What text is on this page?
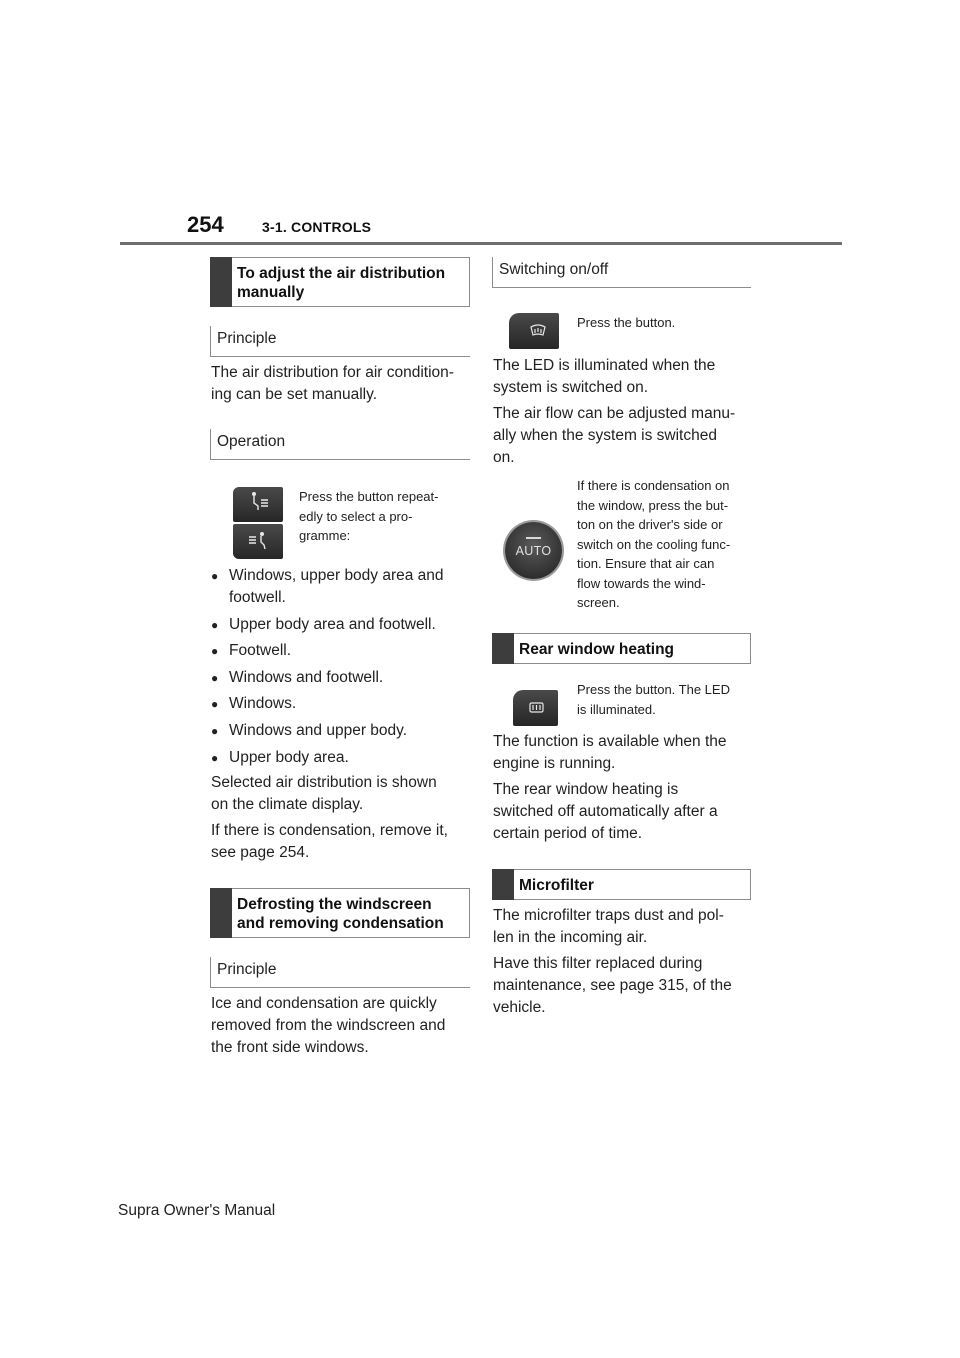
254	3-1. CONTROLS
To adjust the air distribution manually
Principle
The air distribution for air condition-
ing can be set manually.
Operation
Press the button repeat-
edly to select a pro-
gramme:
● Windows, upper body area and footwell.
● Upper body area and footwell.
● Footwell.
● Windows and footwell.
● Windows.
● Windows and upper body.
● Upper body area.
Selected air distribution is shown
on the climate display.
If there is condensation, remove it,
see page 254.
Defrosting the windscreen and removing condensation
Principle
Ice and condensation are quickly
removed from the windscreen and
the front side windows.
Switching on/off
Press the button.
The LED is illuminated when the
system is switched on.
The air flow can be adjusted manu-
ally when the system is switched
on.
AUTO
If there is condensation on
the window, press the but-
ton on the driver's side or
switch on the cooling func-
tion. Ensure that air can
flow towards the wind-
screen.
Rear window heating
Press the button. The LED
is illuminated.
The function is available when the
engine is running.
The rear window heating is
switched off automatically after a
certain period of time.
Microfilter
The microfilter traps dust and pol-
len in the incoming air.
Have this filter replaced during
maintenance, see page 315, of the
vehicle.
Supra Owner's Manual
